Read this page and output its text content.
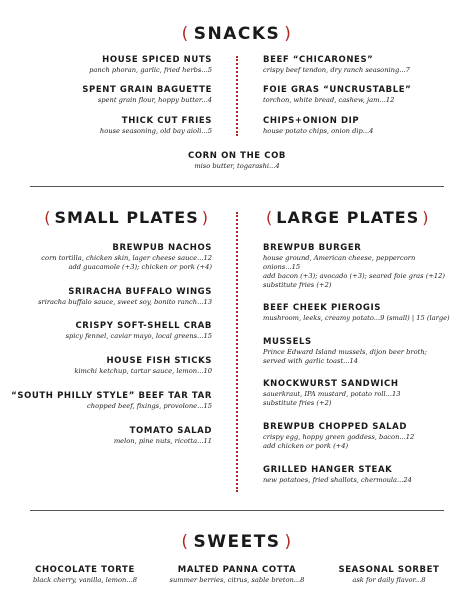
( SNACKS )
HOUSE SPICED NUTS
panch phoran, garlic, fried herbs...5
SPENT GRAIN BAGUETTE
spent grain flour, hoppy butter...4
THICK CUT FRIES
house seasoning, old bay aioli...5
BEEF “CHICARONES”
crispy beef tendon, dry ranch seasoning...7
FOIE GRAS “UNCRUSTABLE”
torchon, white bread, cashew, jam...12
CHIPS+ONION DIP
house potato chips, onion dip...4
CORN ON THE COB
miso butter, togarashi...4
( SMALL PLATES )	( LARGE PLATES )
BREWPUB NACHOS
corn tortilla, chicken skin, lager cheese sauce...12
add guacamole (+3); chicken or pork (+4)
SRIRACHA BUFFALO WINGS
sriracha buffalo sauce, sweet soy, bonito ranch...13
CRISPY SOFT-SHELL CRAB
spicy fennel, caviar mayo, local greens...15
HOUSE FISH STICKS
kimchi ketchup, tartar sauce, lemon...10
“SOUTH PHILLY STYLE” BEEF TAR TAR
chopped beef, fixings, provolone...15
TOMATO SALAD
melon, pine nuts, ricotta...11
BREWPUB BURGER
house ground, American cheese, peppercorn
onions...15
add bacon (+3); avocado (+3); seared foie gras (+12)
substitute fries (+2)
BEEF CHEEK PIEROGIS
mushroom, leeks, creamy potato...9 (small) | 15 (large)
MUSSELS
Prince Edward Island mussels, dijon beer broth;
served with garlic toast...14
KNOCKWURST SANDWICH
sauerkraut, IPA mustard, potato roll...13
substitute fries (+2)
BREWPUB CHOPPED SALAD
crispy egg, hoppy green goddess, bacon...12
add chicken or pork (+4)
GRILLED HANGER STEAK
new potatoes, fried shallots, chermoula...24
( SWEETS )
CHOCOLATE TORTE
black cherry, vanilla, lemon...8
MALTED PANNA COTTA
summer berries, citrus, sable breton...8
SEASONAL SORBET
ask for daily flavor...8
